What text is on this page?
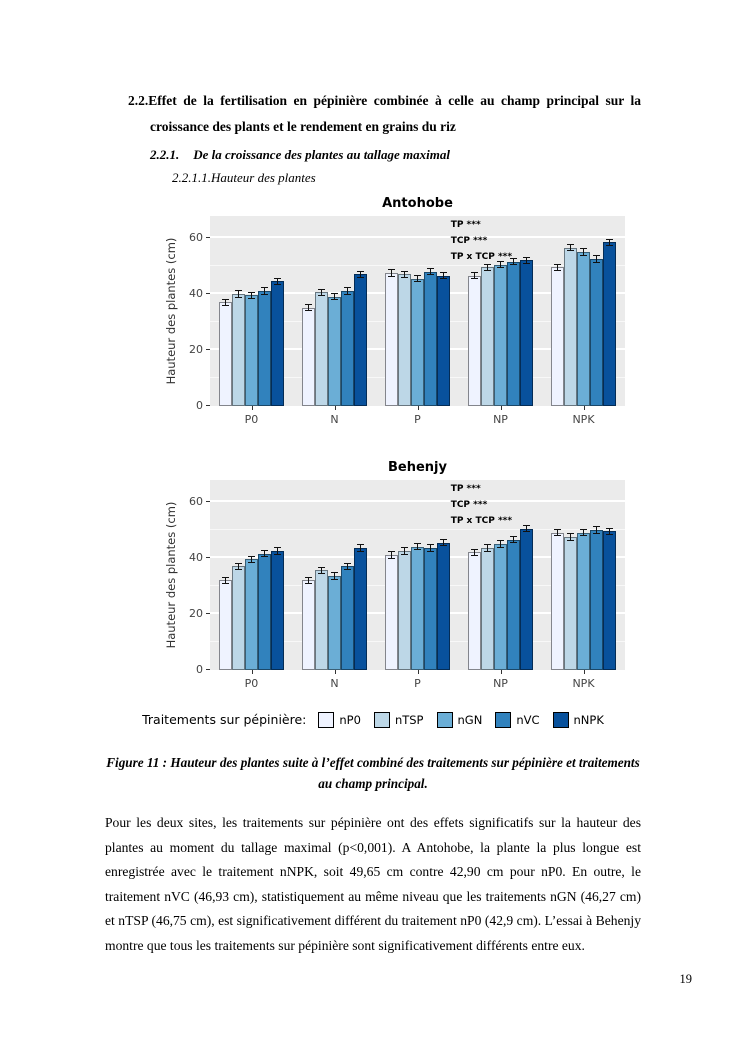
2.2.Effet de la fertilisation en pépinière combinée à celle au champ principal sur la croissance des plants et le rendement en grains du riz

2.2.1. De la croissance des plantes au tallage maximal

2.2.1.1.Hauteur des plantes

Antohobe
Hauteur des plantes (cm)
0
20
40
60
TP ***
TCP ***
TP x TCP ***
P0	N	P	NP	NPK
Behenjy
Hauteur des plantes (cm)
0
20
40
60
TP ***
TCP ***
TP x TCP ***
P0	N	P	NP	NPK
Traitements sur pépinière:	nP0	nTSP	nGN	nVC	nNPK

Figure 11 : Hauteur des plantes suite à l’effet combiné des traitements sur pépinière et traitements au champ principal.

Pour les deux sites, les traitements sur pépinière ont des effets significatifs sur la hauteur des plantes au moment du tallage maximal (p<0,001). A Antohobe, la plante la plus longue est enregistrée avec le traitement nNPK, soit 49,65 cm contre 42,90 cm pour nP0. En outre, le traitement nVC (46,93 cm), statistiquement au même niveau que les traitements nGN (46,27 cm) et nTSP (46,75 cm), est significativement différent du traitement nP0 (42,9 cm). L’essai à Behenjy montre que tous les traitements sur pépinière sont significativement différents entre eux.

19
